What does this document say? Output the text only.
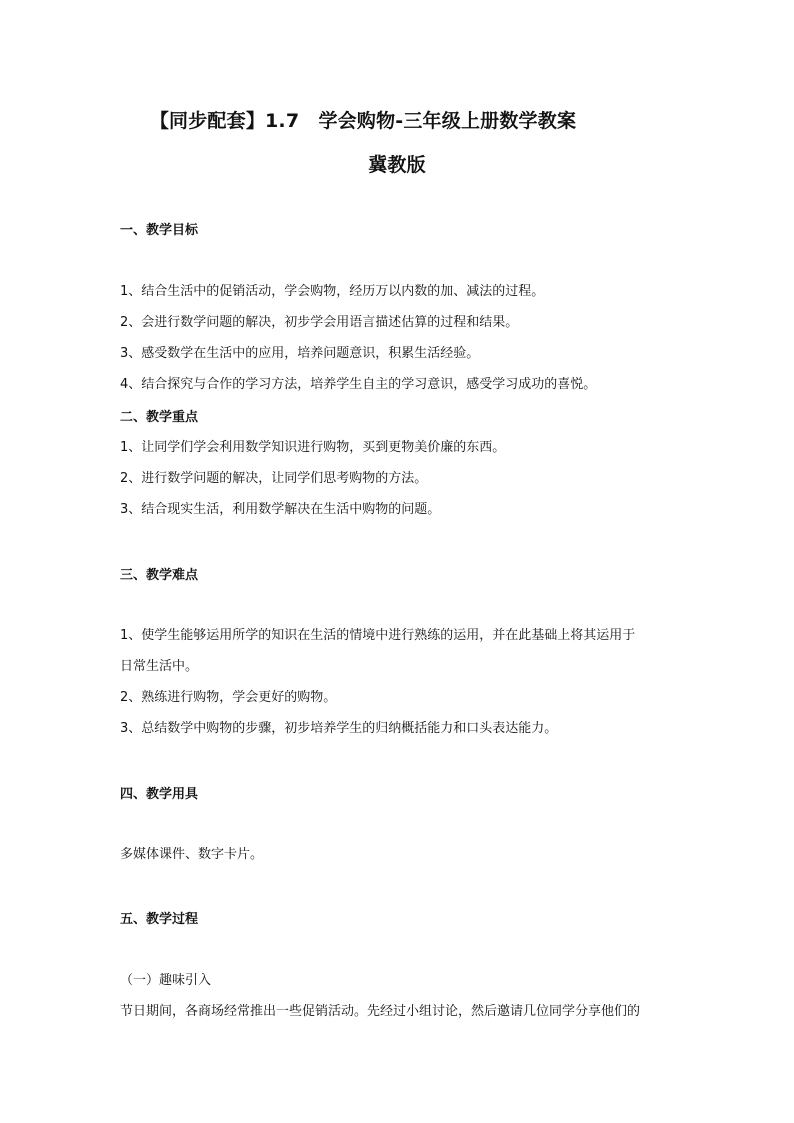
【同步配套】1.7　学会购物-三年级上册数学教案
冀教版
一、教学目标
1、结合生活中的促销活动，学会购物，经历万以内数的加、减法的过程。
2、会进行数学问题的解决，初步学会用语言描述估算的过程和结果。
3、感受数学在生活中的应用，培养问题意识，积累生活经验。
4、结合探究与合作的学习方法，培养学生自主的学习意识，感受学习成功的喜悦。
二、教学重点
1、让同学们学会利用数学知识进行购物，买到更物美价廉的东西。
2、进行数学问题的解决，让同学们思考购物的方法。
3、结合现实生活，利用数学解决在生活中购物的问题。
三、教学难点
1、使学生能够运用所学的知识在生活的情境中进行熟练的运用，并在此基础上将其运用于
日常生活中。
2、熟练进行购物，学会更好的购物。
3、总结数学中购物的步骤，初步培养学生的归纳概括能力和口头表达能力。
四、教学用具
多媒体课件、数字卡片。
五、教学过程
（一）趣味引入
节日期间，各商场经常推出一些促销活动。先经过小组讨论，然后邀请几位同学分享他们的
